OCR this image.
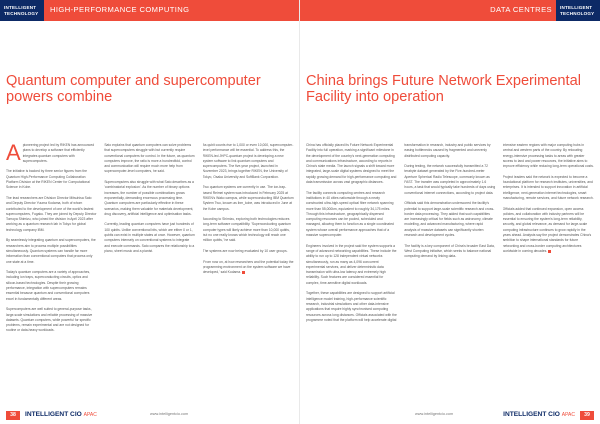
INTELLIGENT TECHNOLOGY	HIGH-PERFORMANCE COMPUTING
Quantum computer and supercomputer powers combine
A pioneering project led by RIKEN has announced plans to develop a software that efficiently integrates quantum computers with supercomputers.

The initiative is backed by three senior figures from the Quantum High-Performance Computing Collaboration Platform Division at the RIKEN Center for Computational Science in Kobe.

The lead researchers are Division Director Mitsuhisa Sato and Deputy Director Yuuma Kodama, both of whom contributed to the development of one of the world's fastest supercomputers, Fugaku. They are joined by Deputy Director Tomoya Shimizu, who joined the division in April 2023 after working as a quantum research lab in Tokyo for global technology company IBM.

By seamlessly integrating quantum and supercomputers, the researchers aim to process multiple possibilities simultaneously. Quantum systems can handle far more information than conventional computers that process only one state at a time.

Today's quantum computers are a variety of approaches, including ion traps, superconducting circuits, optics and silicon-based technologies. Despite their growing performance, integration with supercomputers remains essential because quantum and conventional computers excel in fundamentally different areas.

Supercomputers are well suited to general-purpose tasks, large-scale simulations and reliable processing of massive datasets. Quantum computers, while powerful for specific problems, remain experimental and are not designed for routine or data-heavy workloads.

Sato explains that quantum computers can solve problems that supercomputers struggle with but currently require conventional computers for control. In the future, as quantum computers improve, the ratio is more a hundredfold, control and communication will require much more help from supercomputer-level computers, he said.

Supercomputers also struggle with what Sato describes as a 'combinatorial explosion'. As the number of binary options increases, the number of possible combinations grows exponentially, demanding enormous processing time. Quantum computers are particularly effective in these scenarios, making them valuable for materials development, drug discovery, artificial intelligence and optimisation tasks.

Currently, leading quantum computers have just hundreds of 100 qubits. Unlike conventional bits, which are either 0 or 1, qubits can exist in multiple states at once. However, quantum computers intensely on conventional systems to integrate and execute commands. Sato compares the relationship to a piano, sheet music and a pianist.

As qubit counts rise to 1,000 or even 10,000, supercomputer-level performance will be essential. To address this, the RIKEN-led JHPC-quantum project is developing a new system software to link quantum computers and supercomputers. The five-year project, launched in November 2023, brings together RIKEN, the University of Tokyo, Osaka University and SoftBank Corporation.

Two quantum systems are currently in use. The ion-trap-based Reimei system was introduced in February 2025 at RIKEN's Wako campus, while superconducting IBM Quantum System Two, known as ibm_kobe, was introduced in June at the Kobe campus.

According to Shimizu, exploring both technologies reduces long-term software compatibility. 'Superconducting quantum computer types will likely achieve more than 10,000 qubits, but no one really knows which technology will reach one million qubits,' he said.

The systems are now being evaluated by 10 user groups.

'From now on, at how researchers and the potential today the programming environment on the system software we have developed,' said Kodama.

38	INTELLIGENT CIO APAC	www.intelligentcio.com
INTELLIGENT TECHNOLOGY
DATA CENTRES
China brings Future Network Experimental Facility into operation

China has officially placed its Future Network Experimental Facility into full operation, marking a significant milestone in the development of the country's next-generation computing and communications infrastructure, according to reports in China's state media. The launch signals a shift toward more integrated, large-scale digital systems designed to meet the rapidly growing demand for high-performance computing and data transmission across vast geographic distances.

The facility connects computing centres and research institutions in 40 cities nationwide through a newly constructed ultra-high-speed optical fibre network spanning more than 55,000km, equivalent to roughly 34,175 miles. Through this infrastructure, geographically dispersed computing resources can be pooled, scheduled and managed, allowing them to function as a single coordinated system whose overall performance approaches that of a massive supercomputer.

Engineers involved in the project said the system supports a range of advanced networking capabilities. These include the ability to run up to 128 independent virtual networks simultaneously, run as many as 4,096 concurrent experimental services, and deliver deterministic data transmission with ultra-low latency and extremely high reliability. Such features are considered essential for complex, time-sensitive digital workloads.

Together, these capabilities are designed to support artificial intelligence model training, high-performance scientific research, industrial simulations and other data-intensive applications that require highly synchronised computing resources across long distances. Officials associated with the programme noted that the platform will help accelerate digital

transformation in research, industry and public services by easing bottlenecks caused by fragmented and unevenly distributed computing capacity.

During testing, the network successfully transmitted a 72 terabyte dataset generated by the Five-hundred-meter Aperture Spherical Radio Telescope, commonly known as FAST. The transfer was completed in approximately 1.6 hours, a task that would typically take hundreds of days using conventional internet connections, according to project data.

Officials said this demonstration underscored the facility's potential to support large-scale scientific research and cross-border data processing. They added that such capabilities are increasingly critical for fields such as astronomy, climate modelling, and advanced manufacturing, where rapid analysis of massive datasets can significantly shorten research and development cycles.

The facility is a key component of China's broader East Data, West Computing initiative, which seeks to balance national computing demand by linking data-

intensive eastern regions with major computing hubs in central and western parts of the country. By relocating energy-intensive processing tasks to areas with greater access to land and power resources, the initiative aims to improve efficiency while reducing long-term operational costs.

Project leaders said the network is expected to become a foundational platform for research institutes, universities, and enterprises. It is intended to support innovation in artificial intelligence, next-generation internet technologies, smart manufacturing, remote services, and future network research.

Officials added that continued expansion, open access policies, and collaboration with industry partners will be essential to ensuring the system's long-term reliability, security, and global relevance, as demand for large-scale computing infrastructure continues to grow rapidly in the years ahead. Analysts say the project demonstrates China's ambition to shape international standards for future networking and cross-border computing architectures worldwide in coming decades.

www.intelligentcio.com	INTELLIGENT CIO APAC	39
